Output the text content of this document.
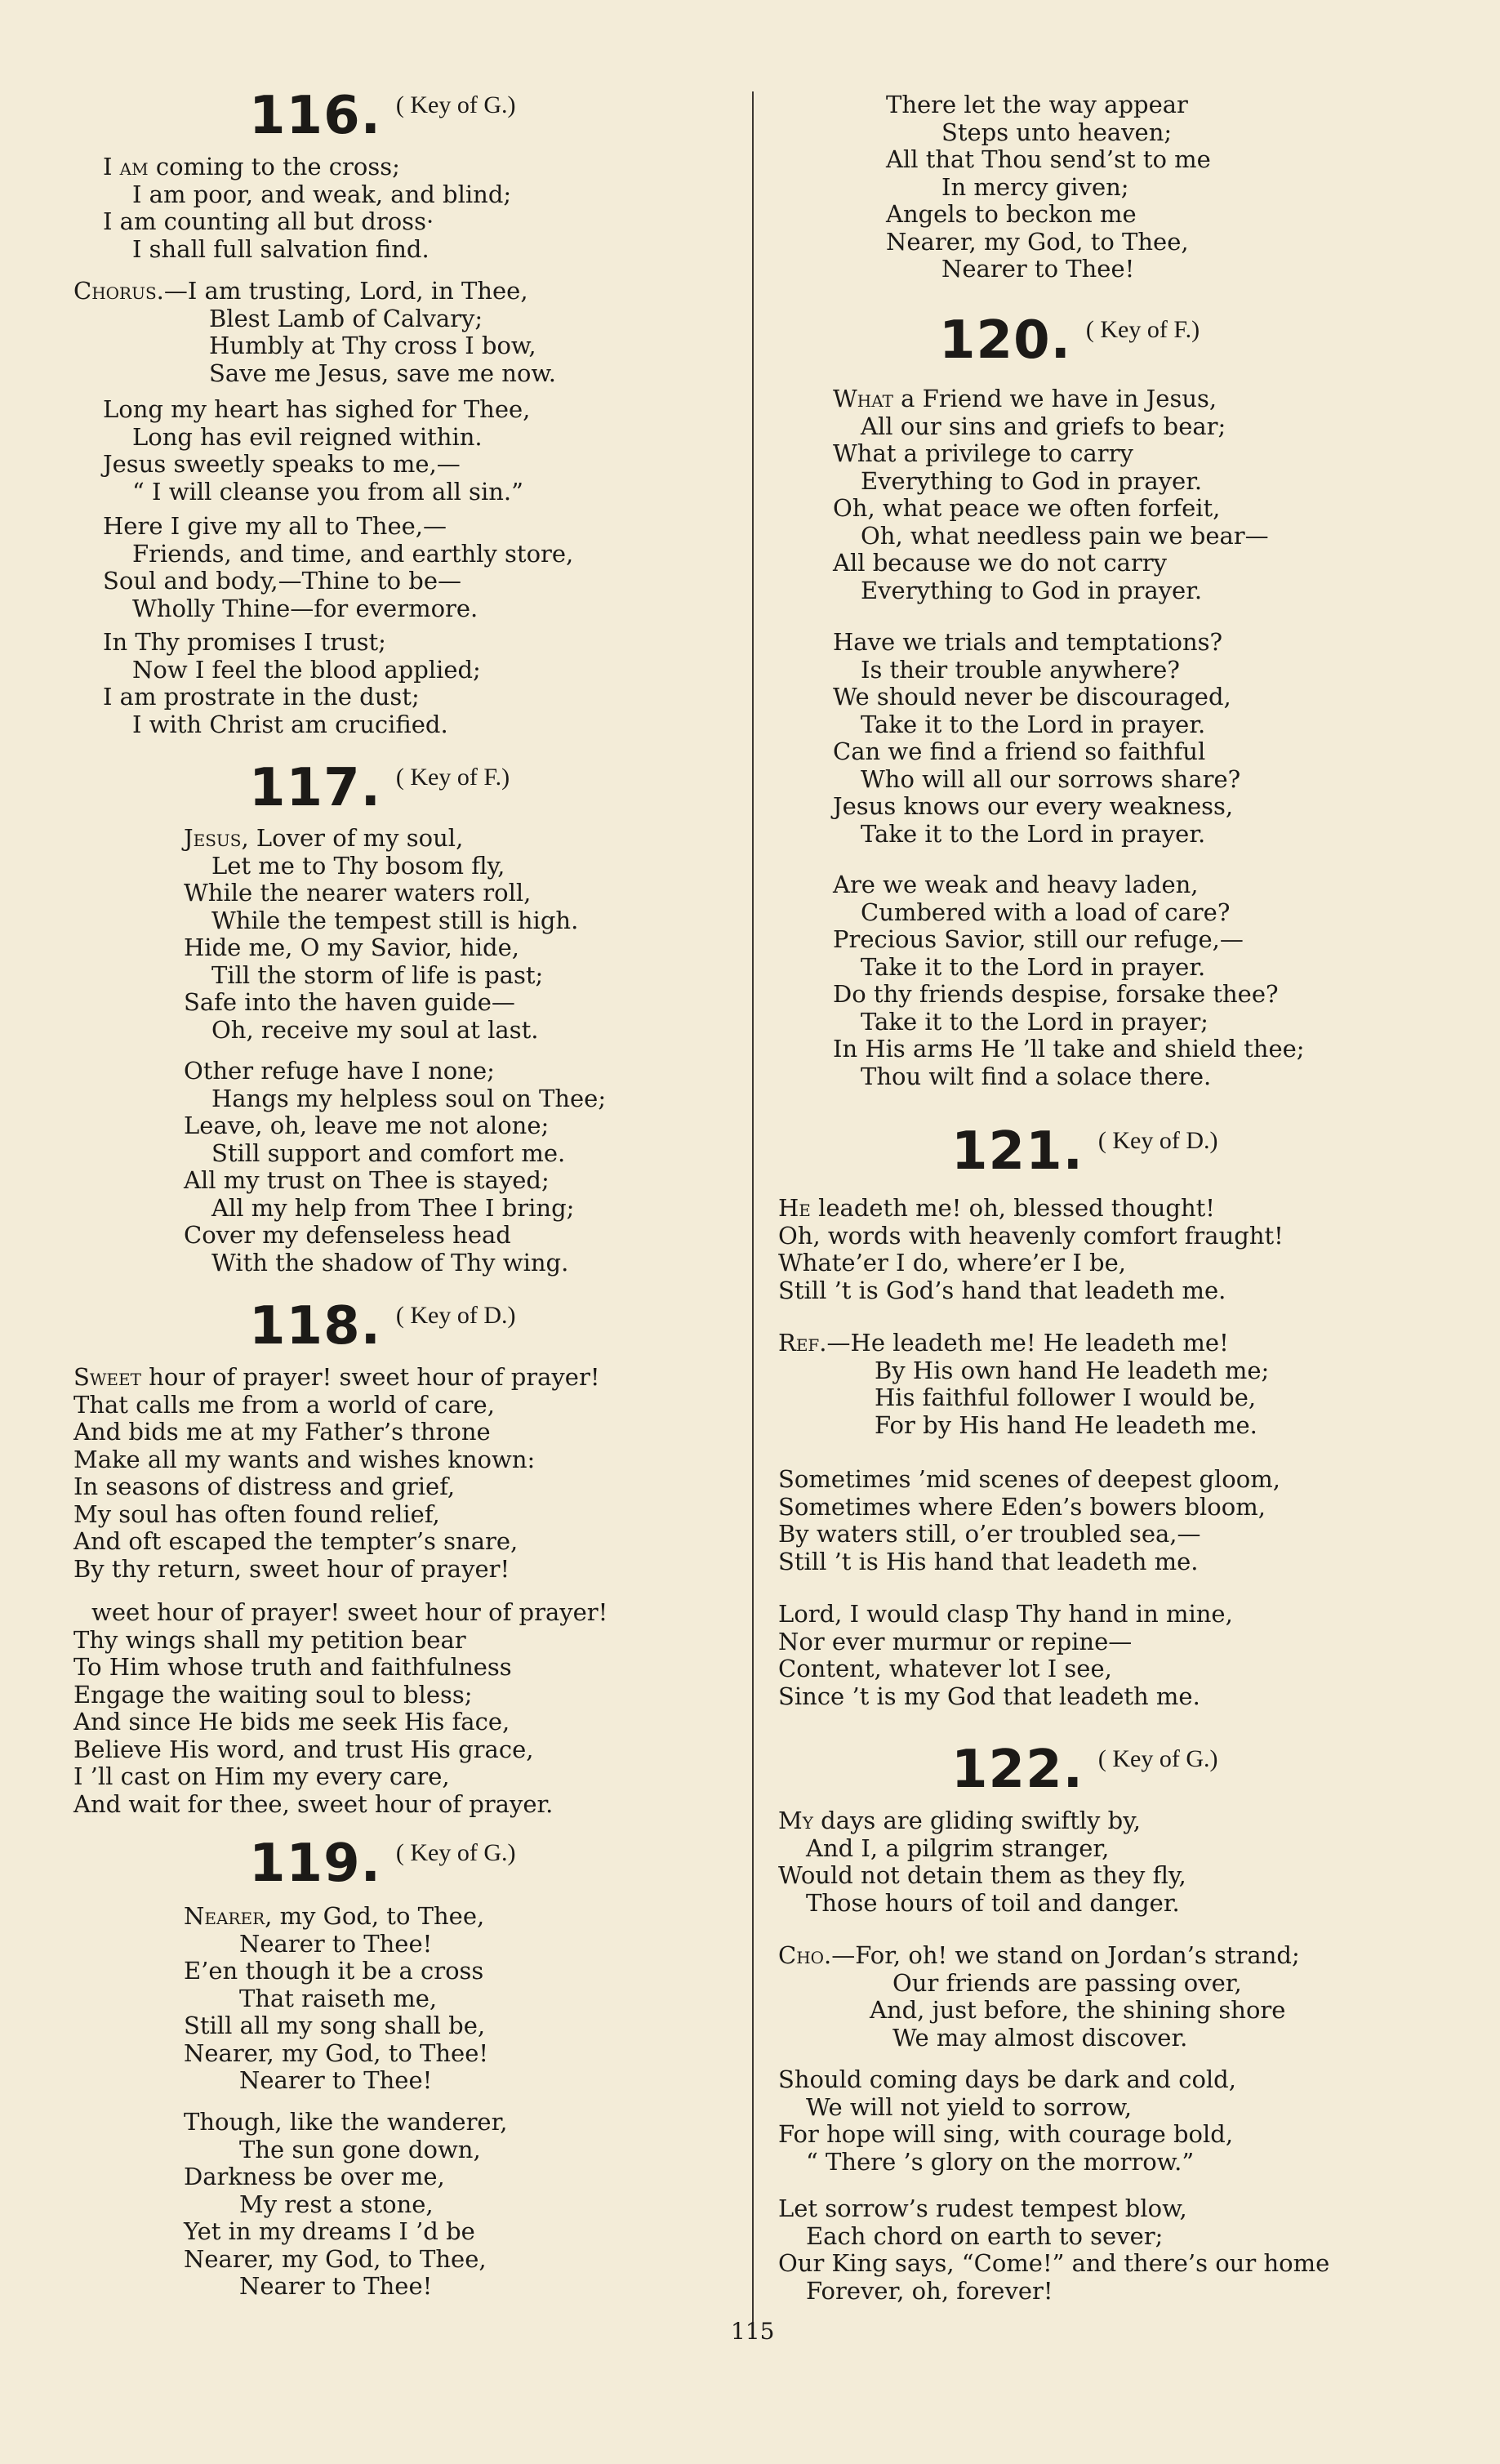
116. ( Key of G.)
I am coming to the cross;
I am poor, and weak, and blind;
I am counting all but dross·
I shall full salvation find.
Chorus.—I am trusting, Lord, in Thee,
Blest Lamb of Calvary;
Humbly at Thy cross I bow,
Save me Jesus, save me now.
Long my heart has sighed for Thee,
Long has evil reigned within.
Jesus sweetly speaks to me,—
“ I will cleanse you from all sin.”
Here I give my all to Thee,—
Friends, and time, and earthly store,
Soul and body,—Thine to be—
Wholly Thine—for evermore.
In Thy promises I trust;
Now I feel the blood applied;
I am prostrate in the dust;
I with Christ am crucified.
117. ( Key of F.)
Jesus, Lover of my soul,
Let me to Thy bosom fly,
While the nearer waters roll,
While the tempest still is high.
Hide me, O my Savior, hide,
Till the storm of life is past;
Safe into the haven guide—
Oh, receive my soul at last.
Other refuge have I none;
Hangs my helpless soul on Thee;
Leave, oh, leave me not alone;
Still support and comfort me.
All my trust on Thee is stayed;
All my help from Thee I bring;
Cover my defenseless head
With the shadow of Thy wing.
118. ( Key of D.)
Sweet hour of prayer! sweet hour of prayer!
That calls me from a world of care,
And bids me at my Father’s throne
Make all my wants and wishes known:
In seasons of distress and grief,
My soul has often found relief,
And oft escaped the tempter’s snare,
By thy return, sweet hour of prayer!
weet hour of prayer! sweet hour of prayer!
Thy wings shall my petition bear
To Him whose truth and faithfulness
Engage the waiting soul to bless;
And since He bids me seek His face,
Believe His word, and trust His grace,
I ’ll cast on Him my every care,
And wait for thee, sweet hour of prayer.
119. ( Key of G.)
Nearer, my God, to Thee,
Nearer to Thee!
E’en though it be a cross
That raiseth me,
Still all my song shall be,
Nearer, my God, to Thee!
Nearer to Thee!
Though, like the wanderer,
The sun gone down,
Darkness be over me,
My rest a stone,
Yet in my dreams I ’d be
Nearer, my God, to Thee,
Nearer to Thee!
There let the way appear
Steps unto heaven;
All that Thou send’st to me
In mercy given;
Angels to beckon me
Nearer, my God, to Thee,
Nearer to Thee!
120. ( Key of F.)
What a Friend we have in Jesus,
All our sins and griefs to bear;
What a privilege to carry
Everything to God in prayer.
Oh, what peace we often forfeit,
Oh, what needless pain we bear—
All because we do not carry
Everything to God in prayer.
Have we trials and temptations?
Is their trouble anywhere?
We should never be discouraged,
Take it to the Lord in prayer.
Can we find a friend so faithful
Who will all our sorrows share?
Jesus knows our every weakness,
Take it to the Lord in prayer.
Are we weak and heavy laden,
Cumbered with a load of care?
Precious Savior, still our refuge,—
Take it to the Lord in prayer.
Do thy friends despise, forsake thee?
Take it to the Lord in prayer;
In His arms He ’ll take and shield thee;
Thou wilt find a solace there.
121. ( Key of D.)
He leadeth me! oh, blessed thought!
Oh, words with heavenly comfort fraught!
Whate’er I do, where’er I be,
Still ’t is God’s hand that leadeth me.
Ref.—He leadeth me! He leadeth me!
By His own hand He leadeth me;
His faithful follower I would be,
For by His hand He leadeth me.
Sometimes ’mid scenes of deepest gloom,
Sometimes where Eden’s bowers bloom,
By waters still, o’er troubled sea,—
Still ’t is His hand that leadeth me.
Lord, I would clasp Thy hand in mine,
Nor ever murmur or repine—
Content, whatever lot I see,
Since ’t is my God that leadeth me.
122. ( Key of G.)
My days are gliding swiftly by,
And I, a pilgrim stranger,
Would not detain them as they fly,
Those hours of toil and danger.
Cho.—For, oh! we stand on Jordan’s strand;
Our friends are passing over,
And, just before, the shining shore
We may almost discover.
Should coming days be dark and cold,
We will not yield to sorrow,
For hope will sing, with courage bold,
“ There ’s glory on the morrow.”
Let sorrow’s rudest tempest blow,
Each chord on earth to sever;
Our King says, “Come!” and there’s our home
Forever, oh, forever!
115
